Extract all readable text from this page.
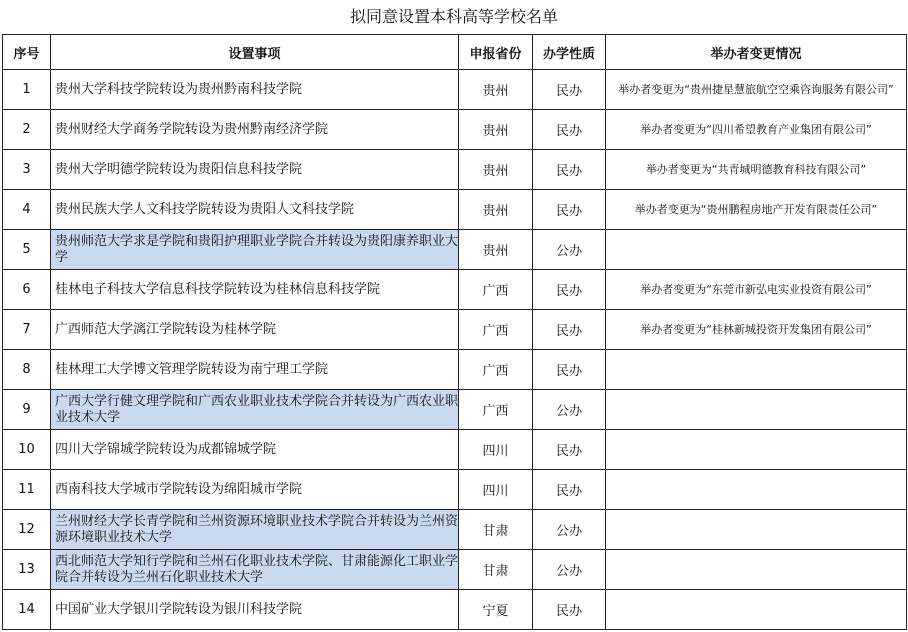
拟同意设置本科高等学校名单
序号	设置事项	申报省份	办学性质	举办者变更情况
1	贵州大学科技学院转设为贵州黔南科技学院	贵州	民办	举办者变更为“贵州捷星慧旅航空空乘咨询服务有限公司”
2	贵州财经大学商务学院转设为贵州黔南经济学院	贵州	民办	举办者变更为“四川希望教育产业集团有限公司”
3	贵州大学明德学院转设为贵阳信息科技学院	贵州	民办	举办者变更为“共青城明德教育科技有限公司”
4	贵州民族大学人文科技学院转设为贵阳人文科技学院	贵州	民办	举办者变更为“贵州鹏程房地产开发有限责任公司”
5	贵州师范大学求是学院和贵阳护理职业学院合并转设为贵阳康养职业大学	贵州	公办	
6	桂林电子科技大学信息科技学院转设为桂林信息科技学院	广西	民办	举办者变更为“东莞市新弘电实业投资有限公司”
7	广西师范大学漓江学院转设为桂林学院	广西	民办	举办者变更为“桂林新城投资开发集团有限公司”
8	桂林理工大学博文管理学院转设为南宁理工学院	广西	民办	
9	广西大学行健文理学院和广西农业职业技术学院合并转设为广西农业职业技术大学	广西	公办	
10	四川大学锦城学院转设为成都锦城学院	四川	民办	
11	西南科技大学城市学院转设为绵阳城市学院	四川	民办	
12	兰州财经大学长青学院和兰州资源环境职业技术学院合并转设为兰州资源环境职业技术大学	甘肃	公办	
13	西北师范大学知行学院和兰州石化职业技术学院、甘肃能源化工职业学院合并转设为兰州石化职业技术大学	甘肃	公办	
14	中国矿业大学银川学院转设为银川科技学院	宁夏	民办	
